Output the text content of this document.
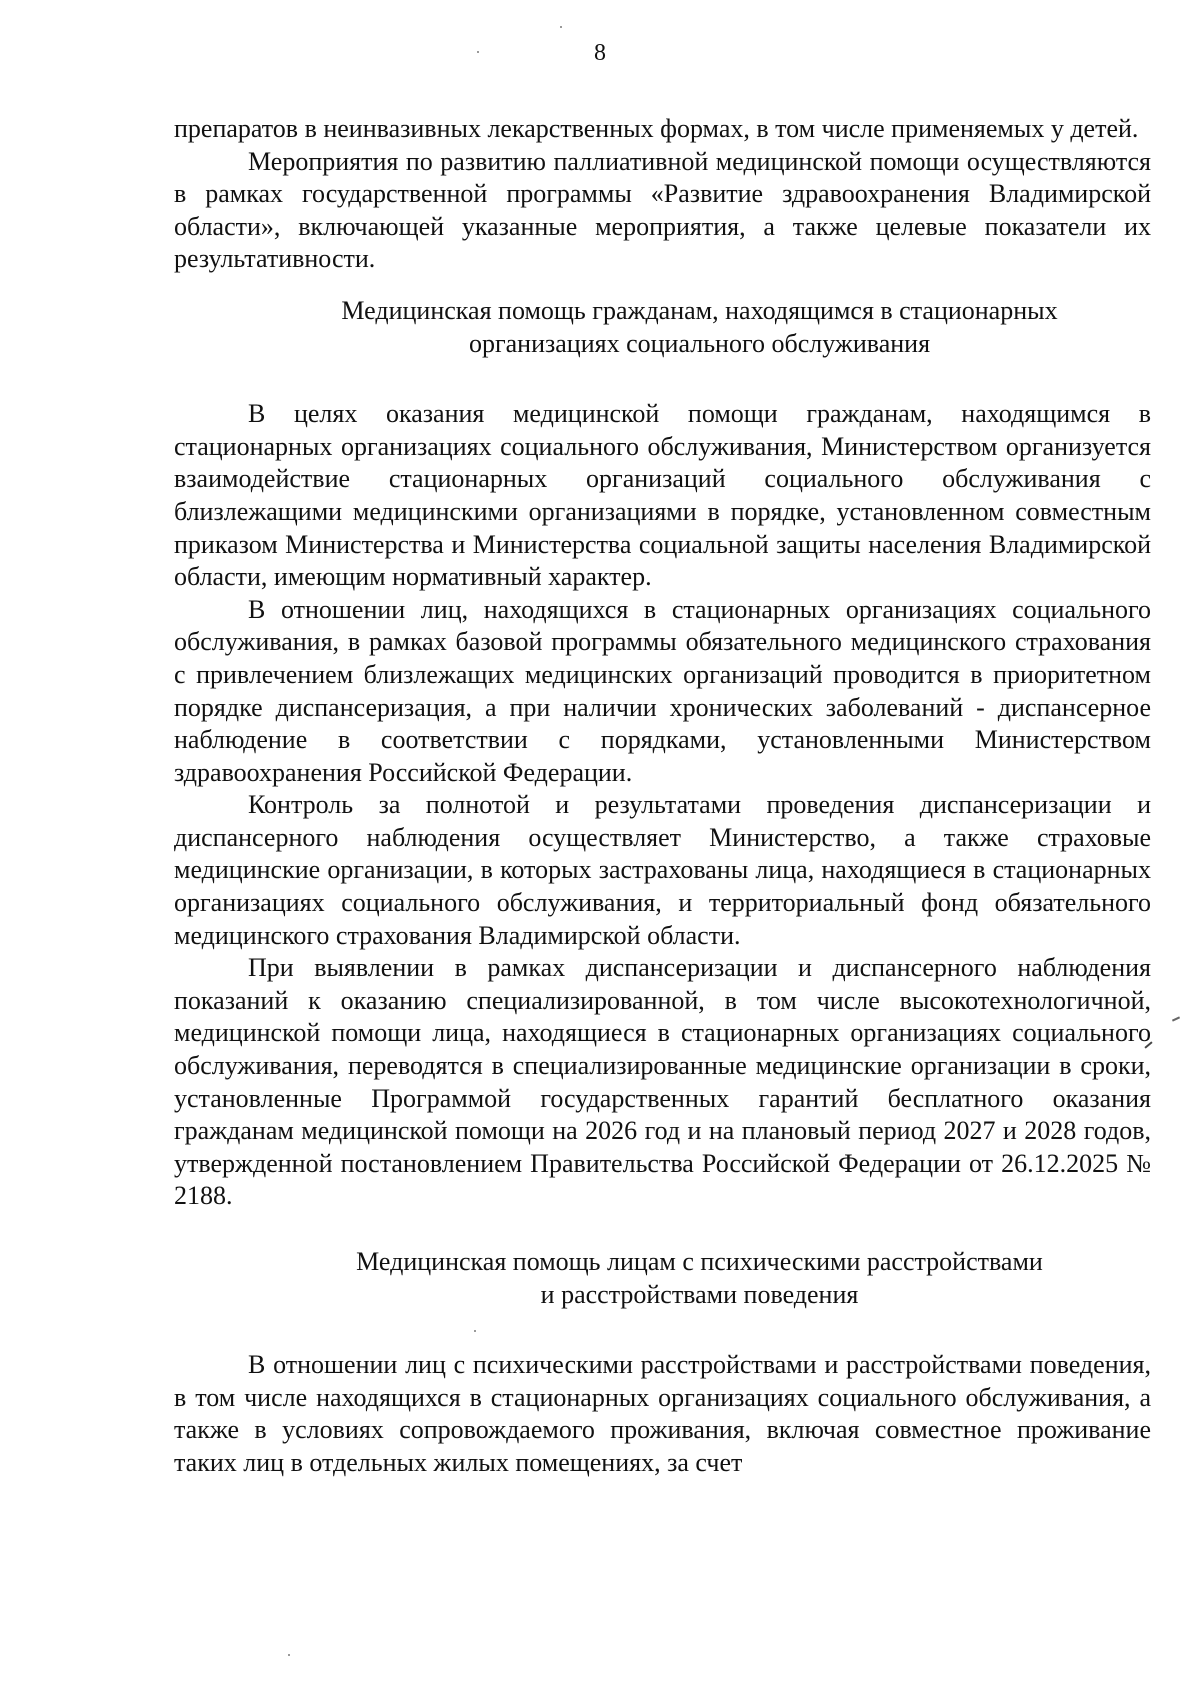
8

препаратов в неинвазивных лекарственных формах, в том числе применяемых у детей.

Мероприятия по развитию паллиативной медицинской помощи осуществляются в рамках государственной программы «Развитие здравоохранения Владимирской области», включающей указанные мероприятия, а также целевые показатели их результативности.

Медицинская помощь гражданам, находящимся в стационарных
организациях социального обслуживания

В целях оказания медицинской помощи гражданам, находящимся в стационарных организациях социального обслуживания, Министерством организуется взаимодействие стационарных организаций социального обслуживания с близлежащими медицинскими организациями в порядке, установленном совместным приказом Министерства и Министерства социальной защиты населения Владимирской области, имеющим нормативный характер.

В отношении лиц, находящихся в стационарных организациях социального обслуживания, в рамках базовой программы обязательного медицинского страхования с привлечением близлежащих медицинских организаций проводится в приоритетном порядке диспансеризация, а при наличии хронических заболеваний - диспансерное наблюдение в соответствии с порядками, установленными Министерством здравоохранения Российской Федерации.

Контроль за полнотой и результатами проведения диспансеризации и диспансерного наблюдения осуществляет Министерство, а также страховые медицинские организации, в которых застрахованы лица, находящиеся в стационарных организациях социального обслуживания, и территориальный фонд обязательного медицинского страхования Владимирской области.

При выявлении в рамках диспансеризации и диспансерного наблюдения показаний к оказанию специализированной, в том числе высокотехнологичной, медицинской помощи лица, находящиеся в стационарных организациях социального обслуживания, переводятся в специализированные медицинские организации в сроки, установленные Программой государственных гарантий бесплатного оказания гражданам медицинской помощи на 2026 год и на плановый период 2027 и 2028 годов, утвержденной постановлением Правительства Российской Федерации от 26.12.2025 № 2188.

Медицинская помощь лицам с психическими расстройствами
и расстройствами поведения

В отношении лиц с психическими расстройствами и расстройствами поведения, в том числе находящихся в стационарных организациях социального обслуживания, а также в условиях сопровождаемого проживания, включая совместное проживание таких лиц в отдельных жилых помещениях, за счет
